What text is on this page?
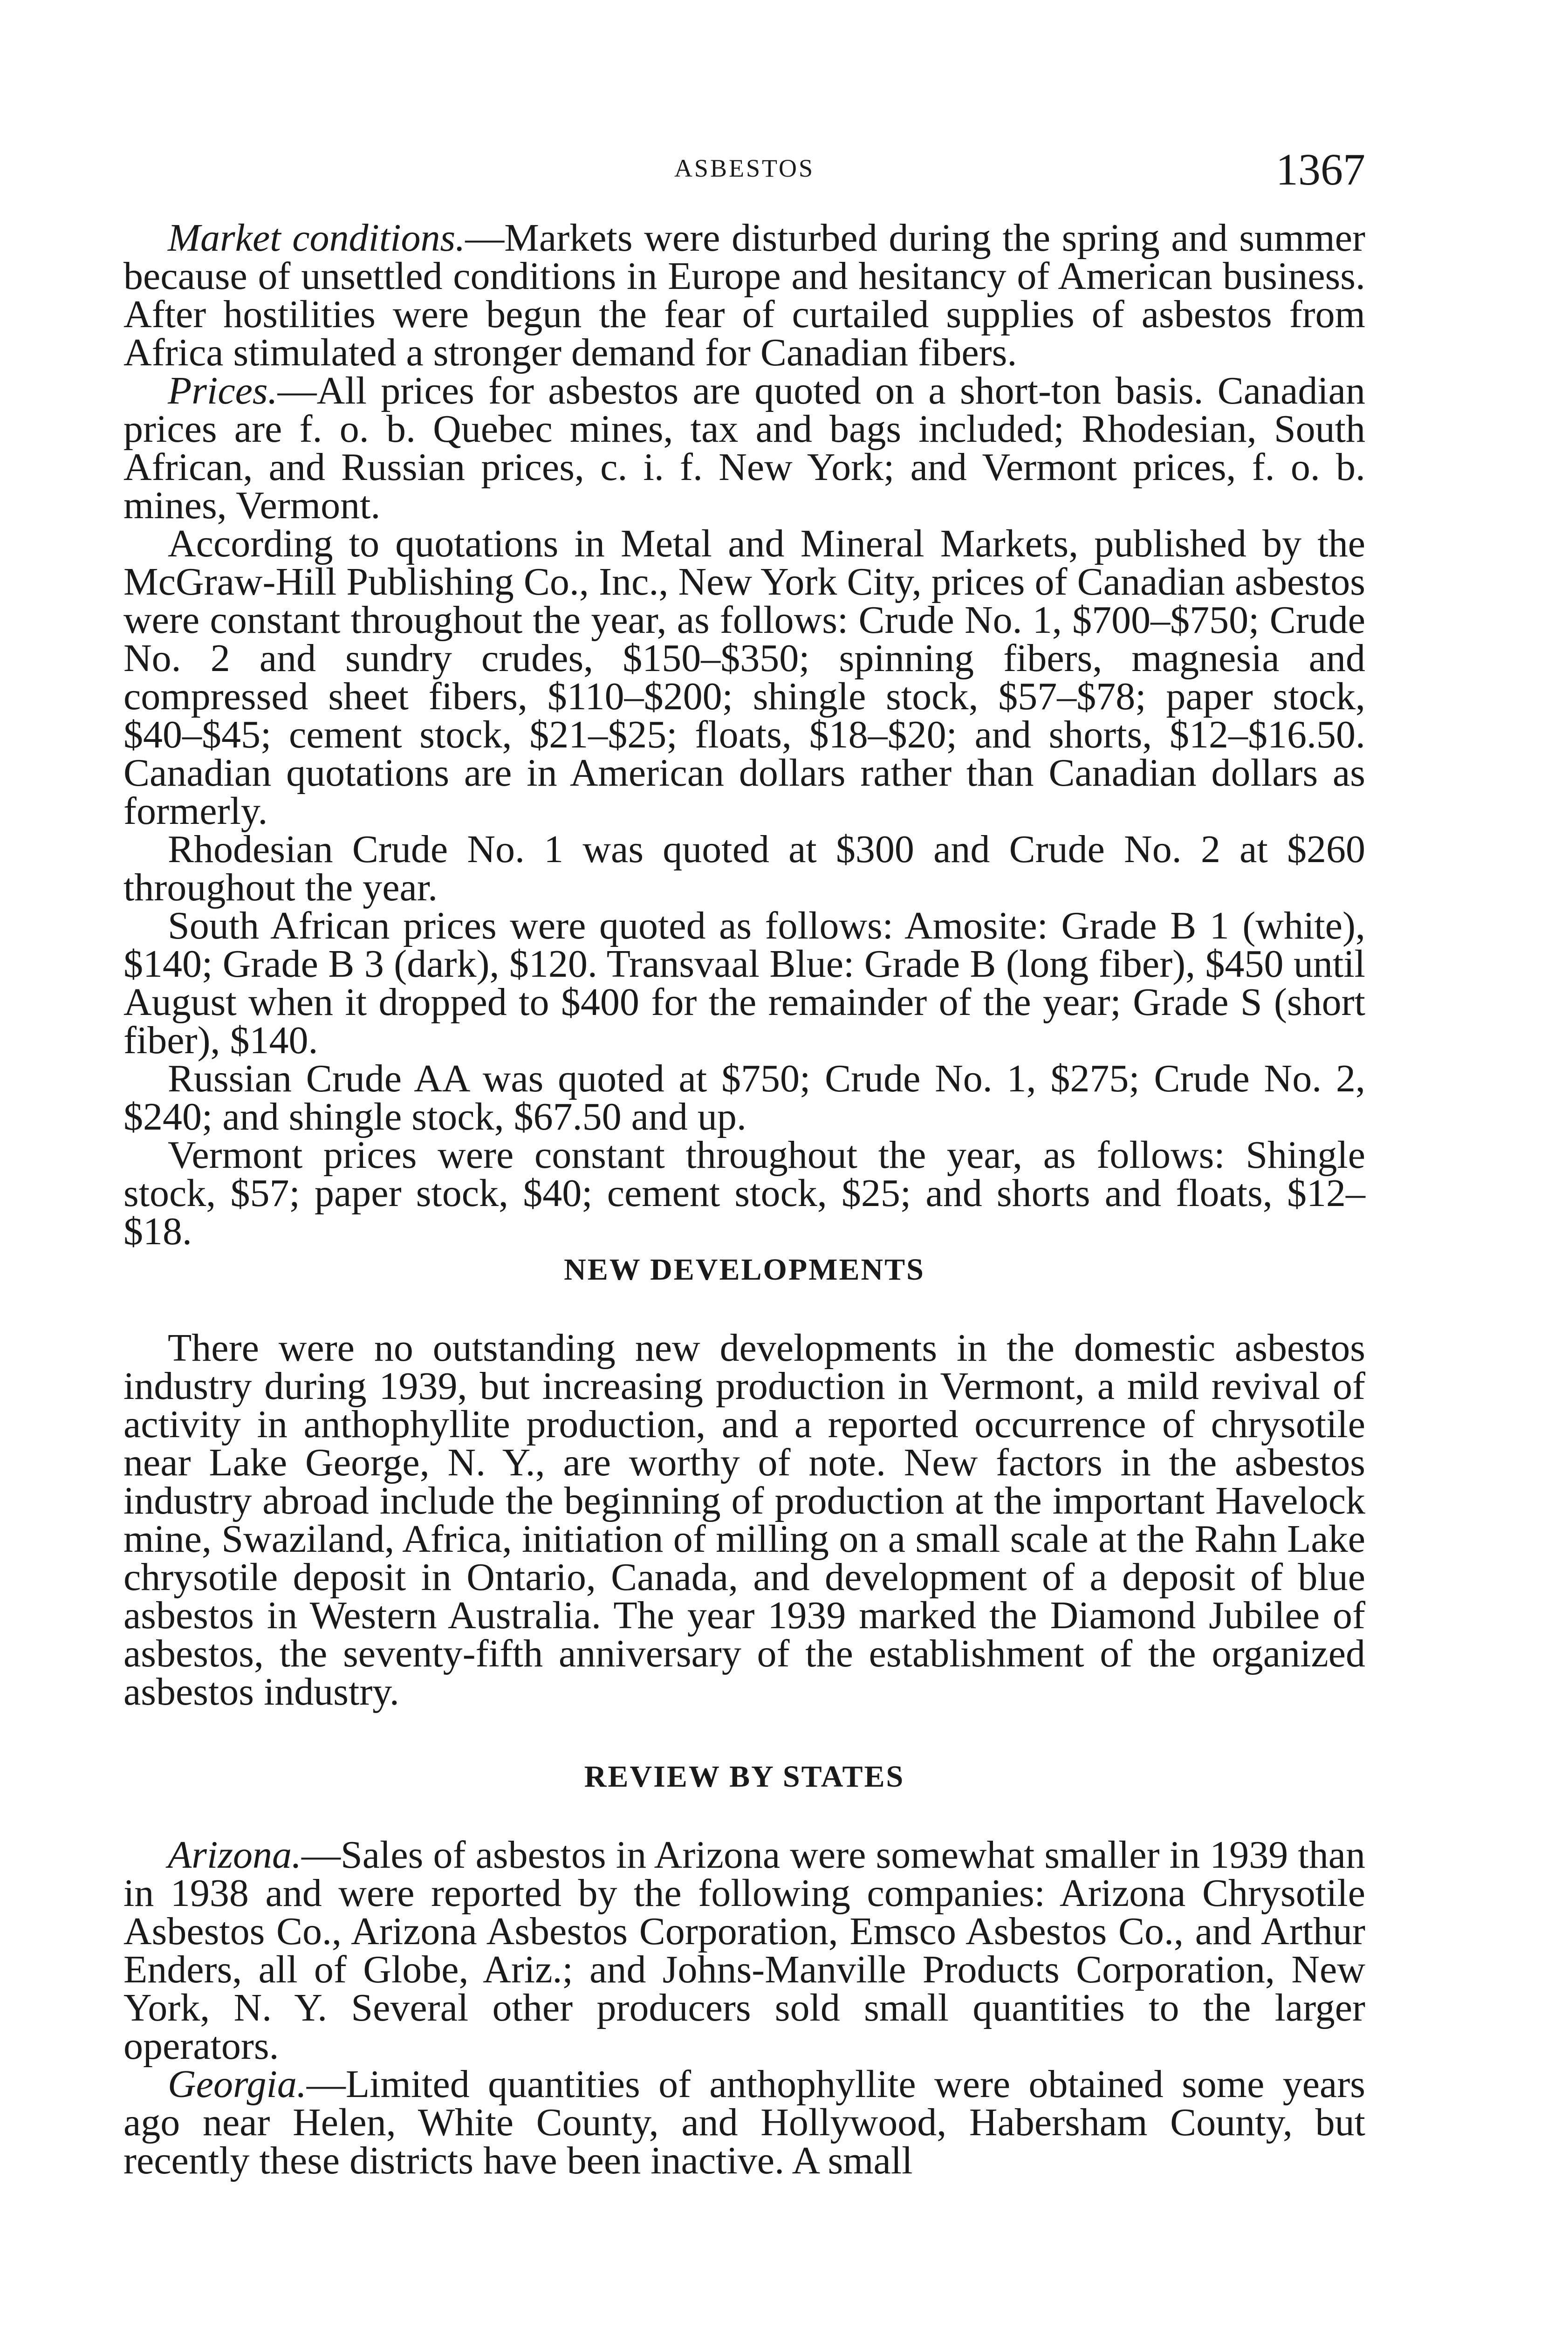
ASBESTOS	1367

Market conditions.—Markets were disturbed during the spring and summer because of unsettled conditions in Europe and hesitancy of American business. After hostilities were begun the fear of curtailed supplies of asbestos from Africa stimulated a stronger demand for Canadian fibers.

Prices.—All prices for asbestos are quoted on a short-ton basis. Canadian prices are f. o. b. Quebec mines, tax and bags included; Rhodesian, South African, and Russian prices, c. i. f. New York; and Vermont prices, f. o. b. mines, Vermont.

According to quotations in Metal and Mineral Markets, published by the McGraw-Hill Publishing Co., Inc., New York City, prices of Canadian asbestos were constant throughout the year, as follows: Crude No. 1, $700–$750; Crude No. 2 and sundry crudes, $150–$350; spinning fibers, magnesia and compressed sheet fibers, $110–$200; shingle stock, $57–$78; paper stock, $40–$45; cement stock, $21–$25; floats, $18–$20; and shorts, $12–$16.50. Canadian quotations are in American dollars rather than Canadian dollars as formerly.

Rhodesian Crude No. 1 was quoted at $300 and Crude No. 2 at $260 throughout the year.

South African prices were quoted as follows: Amosite: Grade B 1 (white), $140; Grade B 3 (dark), $120. Transvaal Blue: Grade B (long fiber), $450 until August when it dropped to $400 for the remainder of the year; Grade S (short fiber), $140.

Russian Crude AA was quoted at $750; Crude No. 1, $275; Crude No. 2, $240; and shingle stock, $67.50 and up.

Vermont prices were constant throughout the year, as follows: Shingle stock, $57; paper stock, $40; cement stock, $25; and shorts and floats, $12–$18.

NEW DEVELOPMENTS

There were no outstanding new developments in the domestic asbestos industry during 1939, but increasing production in Vermont, a mild revival of activity in anthophyllite production, and a reported occurrence of chrysotile near Lake George, N. Y., are worthy of note. New factors in the asbestos industry abroad include the beginning of production at the important Havelock mine, Swaziland, Africa, initiation of milling on a small scale at the Rahn Lake chrysotile deposit in Ontario, Canada, and development of a deposit of blue asbestos in Western Australia. The year 1939 marked the Diamond Jubilee of asbestos, the seventy-fifth anniversary of the establishment of the organized asbestos industry.

REVIEW BY STATES

Arizona.—Sales of asbestos in Arizona were somewhat smaller in 1939 than in 1938 and were reported by the following companies: Arizona Chrysotile Asbestos Co., Arizona Asbestos Corporation, Emsco Asbestos Co., and Arthur Enders, all of Globe, Ariz.; and Johns-Manville Products Corporation, New York, N. Y. Several other producers sold small quantities to the larger operators.

Georgia.—Limited quantities of anthophyllite were obtained some years ago near Helen, White County, and Hollywood, Habersham County, but recently these districts have been inactive. A small
